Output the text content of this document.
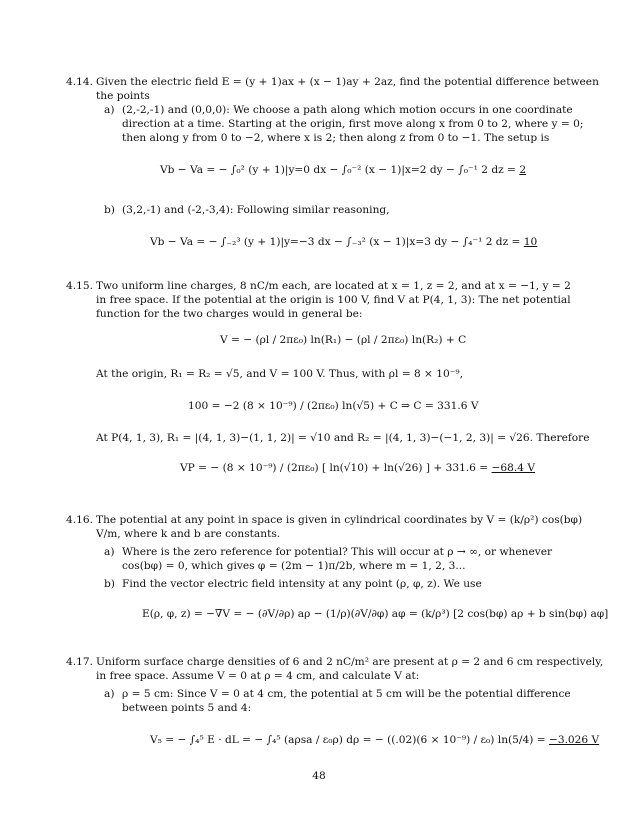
4.14. Given the electric field E = (y + 1)ax + (x − 1)ay + 2az, find the potential difference between
the points
a) (2,-2,-1) and (0,0,0): We choose a path along which motion occurs in one coordinate
direction at a time. Starting at the origin, first move along x from 0 to 2, where y = 0;
then along y from 0 to −2, where x is 2; then along z from 0 to −1. The setup is
Vb − Va = − ∫₀² (y + 1)|y=0 dx − ∫₀⁻² (x − 1)|x=2 dy − ∫₀⁻¹ 2 dz = 2
b) (3,2,-1) and (-2,-3,4): Following similar reasoning,
Vb − Va = − ∫₋₂³ (y + 1)|y=−3 dx − ∫₋₃² (x − 1)|x=3 dy − ∫₄⁻¹ 2 dz = 10
4.15. Two uniform line charges, 8 nC/m each, are located at x = 1, z = 2, and at x = −1, y = 2
in free space. If the potential at the origin is 100 V, find V at P(4, 1, 3): The net potential
function for the two charges would in general be:
V = − (ρl / 2πε₀) ln(R₁) − (ρl / 2πε₀) ln(R₂) + C
At the origin, R₁ = R₂ = √5, and V = 100 V. Thus, with ρl = 8 × 10⁻⁹,
100 = −2 (8 × 10⁻⁹) / (2πε₀) ln(√5) + C ⇒ C = 331.6 V
At P(4, 1, 3), R₁ = |(4, 1, 3)−(1, 1, 2)| = √10 and R₂ = |(4, 1, 3)−(−1, 2, 3)| = √26. Therefore
VP = − (8 × 10⁻⁹) / (2πε₀) [ ln(√10) + ln(√26) ] + 331.6 = −68.4 V
4.16. The potential at any point in space is given in cylindrical coordinates by V = (k/ρ²) cos(bφ)
V/m, where k and b are constants.
a) Where is the zero reference for potential? This will occur at ρ → ∞, or whenever
cos(bφ) = 0, which gives φ = (2m − 1)π/2b, where m = 1, 2, 3...
b) Find the vector electric field intensity at any point (ρ, φ, z). We use
E(ρ, φ, z) = −∇V = − (∂V/∂ρ) aρ − (1/ρ)(∂V/∂φ) aφ = (k/ρ³) [2 cos(bφ) aρ + b sin(bφ) aφ]
4.17. Uniform surface charge densities of 6 and 2 nC/m² are present at ρ = 2 and 6 cm respectively,
in free space. Assume V = 0 at ρ = 4 cm, and calculate V at:
a) ρ = 5 cm: Since V = 0 at 4 cm, the potential at 5 cm will be the potential difference
between points 5 and 4:
V₅ = − ∫₄⁵ E · dL = − ∫₄⁵ (aρsa / ε₀ρ) dρ = − ((.02)(6 × 10⁻⁹) / ε₀) ln(5/4) = −3.026 V
48
